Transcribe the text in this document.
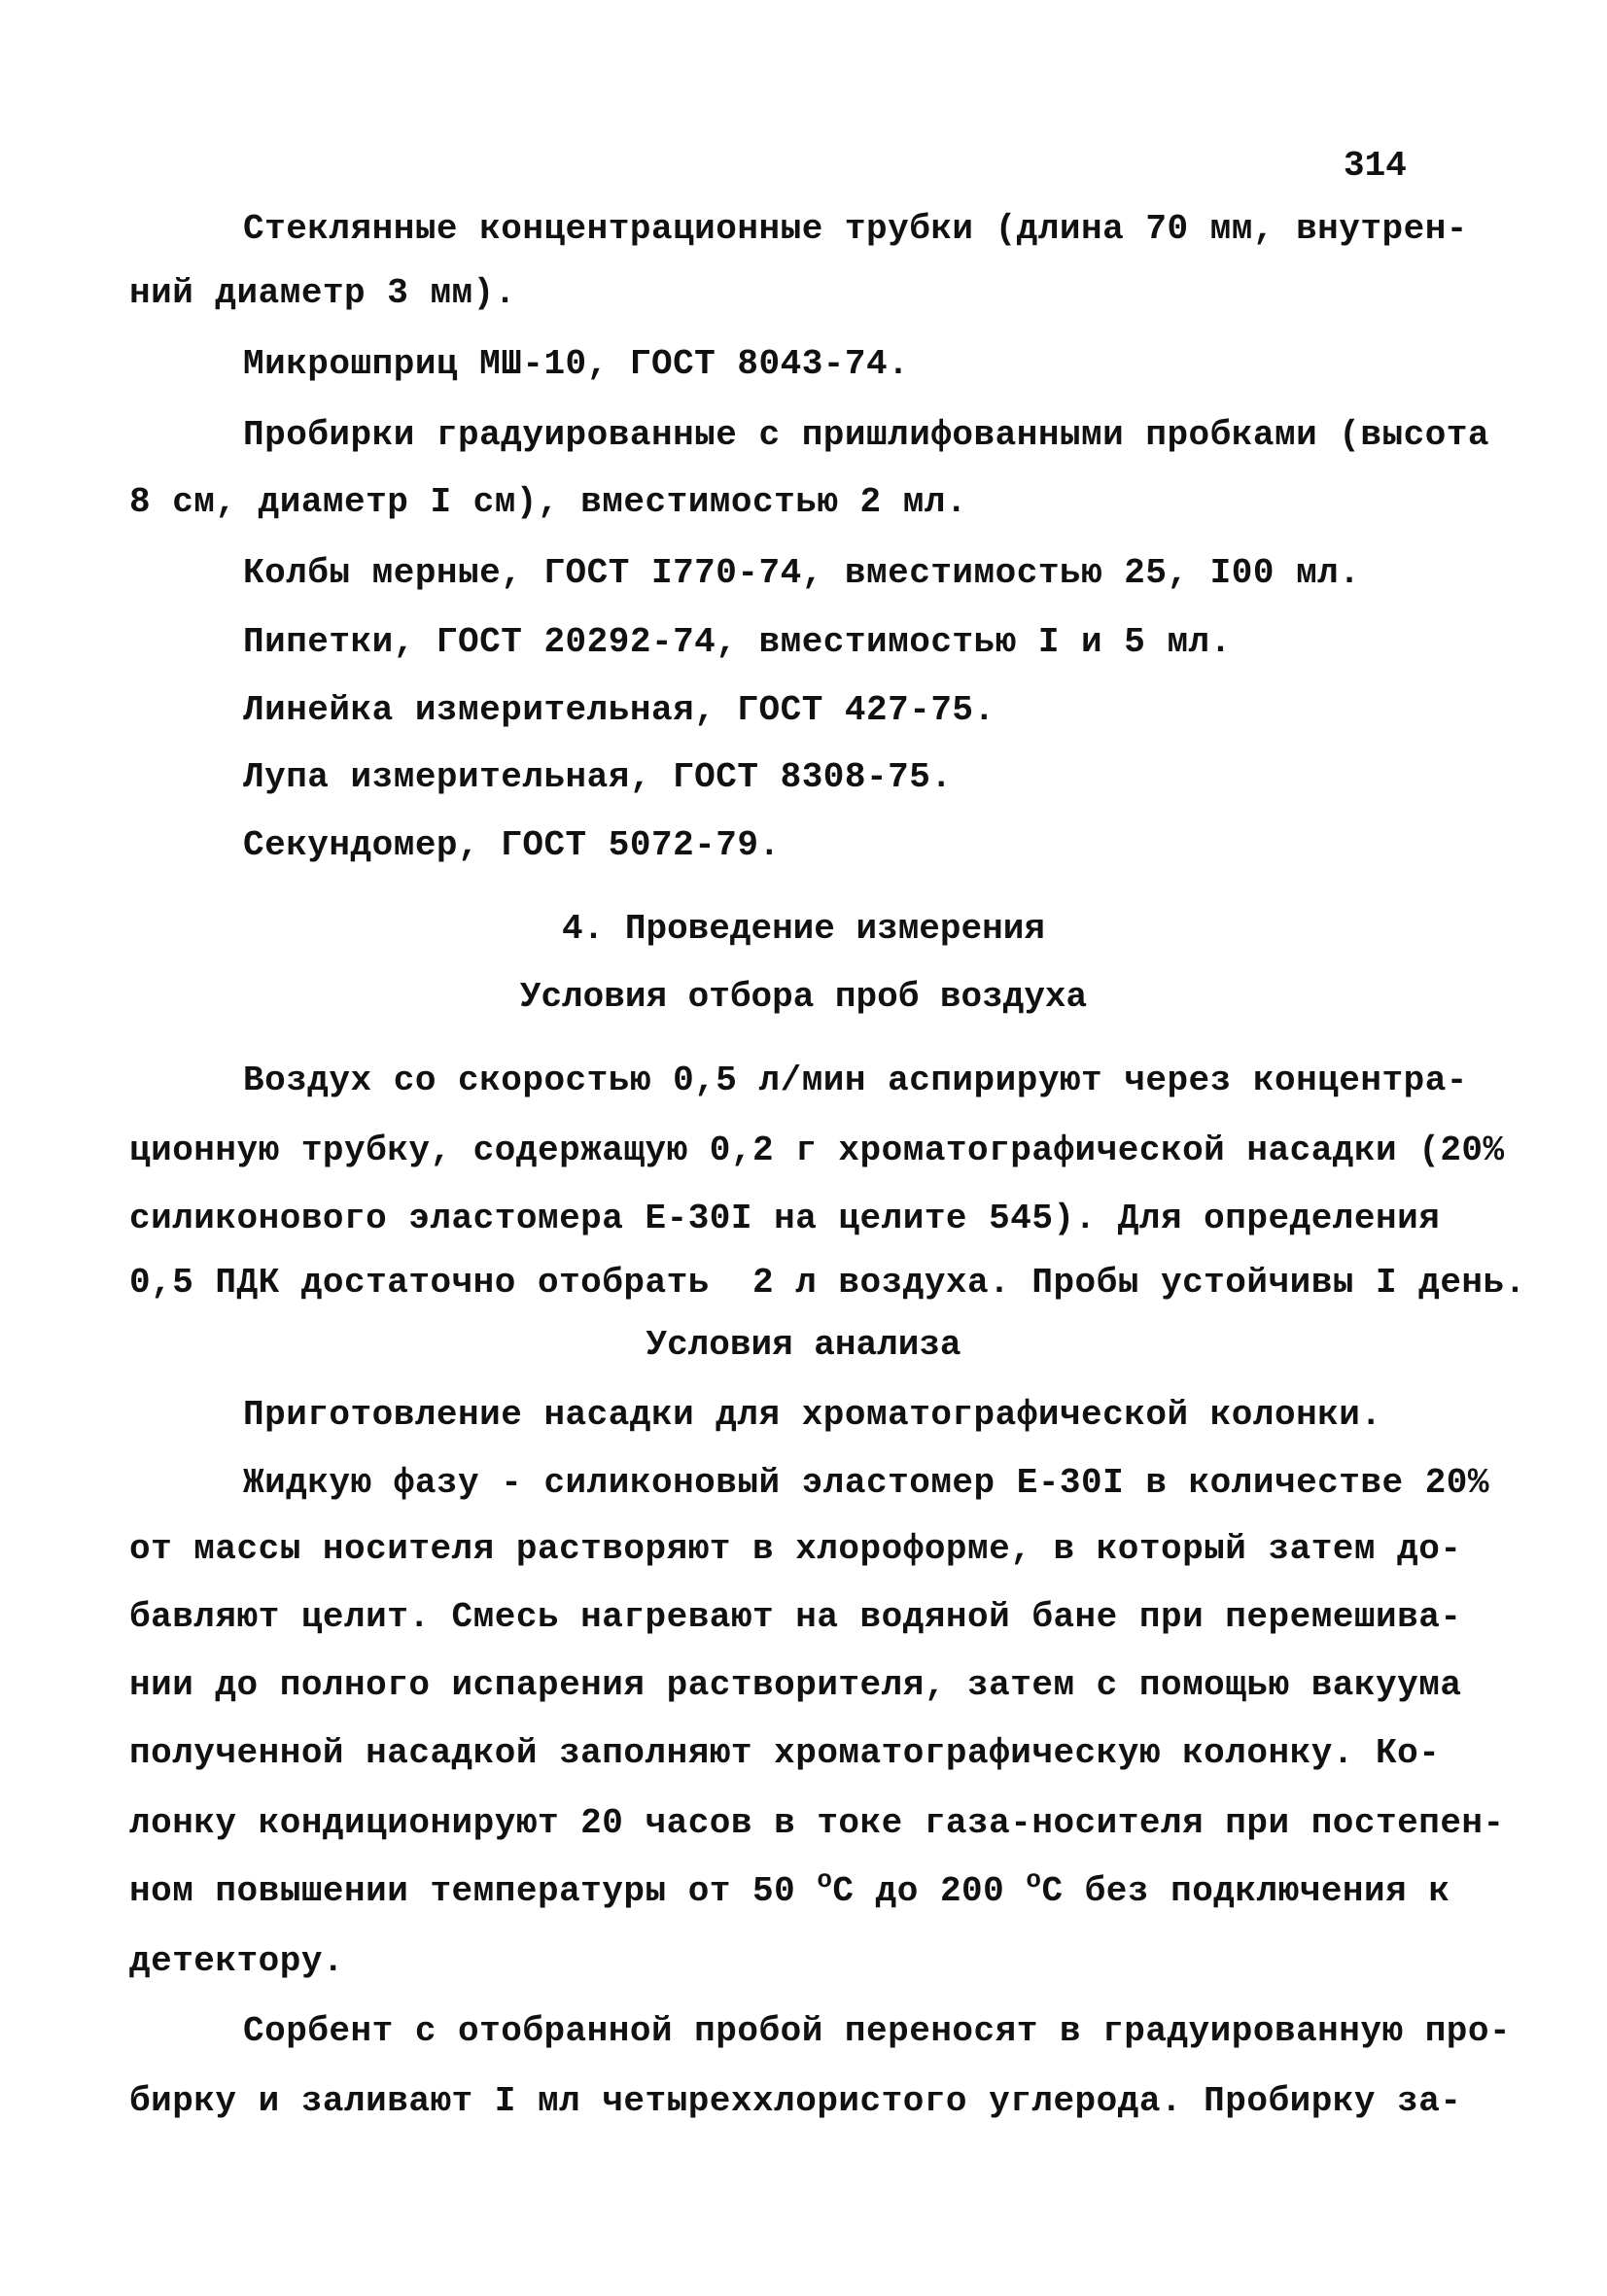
314

Стеклянные концентрационные трубки (длина 70 мм, внутрен-

ний диаметр 3 мм).

Микрошприц МШ-10, ГОСТ 8043-74.

Пробирки градуированные с пришлифованными пробками (высота

8 см, диаметр I см), вместимостью 2 мл.

Колбы мерные, ГОСТ I770-74, вместимостью 25, I00 мл.

Пипетки, ГОСТ 20292-74, вместимостью I и 5 мл.

Линейка измерительная, ГОСТ 427-75.

Лупа измерительная, ГОСТ 8308-75.

Секундомер, ГОСТ 5072-79.

4. Проведение измерения

Условия отбора проб воздуха

Воздух со скоростью 0,5 л/мин аспирируют через концентра-

ционную трубку, содержащую 0,2 г хроматографической насадки (20%

силиконового эластомера Е-30I на целите 545). Для определения

0,5 ПДК достаточно отобрать  2 л воздуха. Пробы устойчивы I день.

Условия анализа

Приготовление насадки для хроматографической колонки.

Жидкую фазу - силиконовый эластомер Е-30I в количестве 20%

от массы носителя растворяют в хлороформе, в который затем до-

бавляют целит. Смесь нагревают на водяной бане при перемешива-

нии до полного испарения растворителя, затем с помощью вакуума

полученной насадкой заполняют хроматографическую колонку. Ко-

лонку кондиционируют 20 часов в токе газа-носителя при постепен-

ном повышении температуры от 50 $^о$С до 200 $^о$С без подключения к

детектору.

Сорбент с отобранной пробой переносят в градуированную про-

бирку и заливают I мл четыреххлористого углерода. Пробирку за-
